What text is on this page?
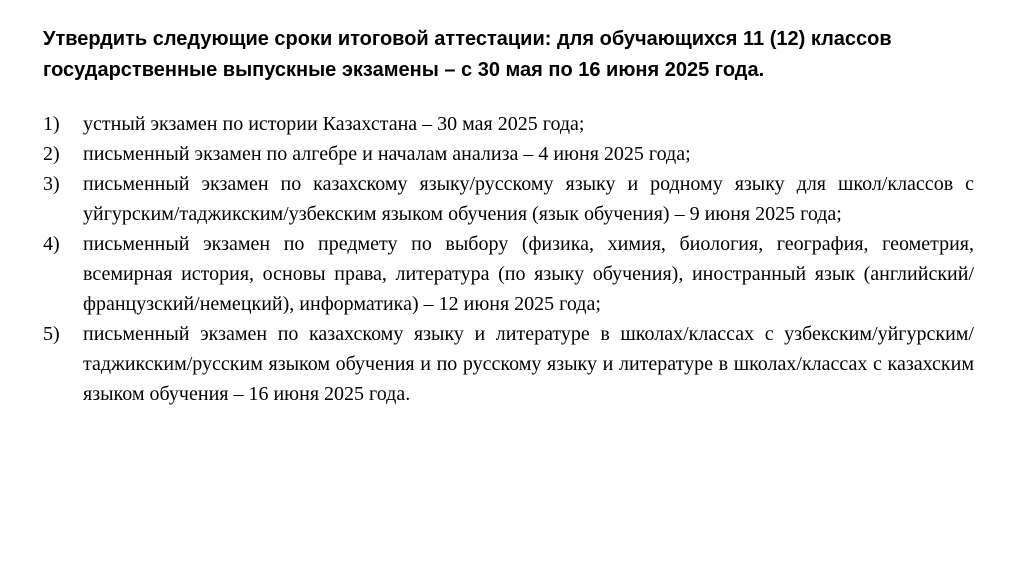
Утвердить следующие сроки итоговой аттестации: для обучающихся 11 (12) классов государственные выпускные экзамены – с 30 мая по 16 июня 2025 года.

1)	устный экзамен по истории Казахстана – 30 мая 2025 года;
2)	письменный экзамен по алгебре и началам анализа – 4 июня 2025 года;
3)	письменный экзамен по казахскому языку/русскому языку и родному языку для школ/классов с уйгурским/таджикским/узбекским языком обучения (язык обучения) – 9 июня 2025 года;
4)	письменный экзамен по предмету по выбору (физика, химия, биология, география, геометрия, всемирная история, основы права, литература (по языку обучения), иностранный язык (английский/французский/немецкий), информатика) – 12 июня 2025 года;
5)	письменный экзамен по казахскому языку и литературе в школах/классах с узбекским/уйгурским/таджикским/русским языком обучения и по русскому языку и литературе в школах/классах с казахским языком обучения – 16 июня 2025 года.
